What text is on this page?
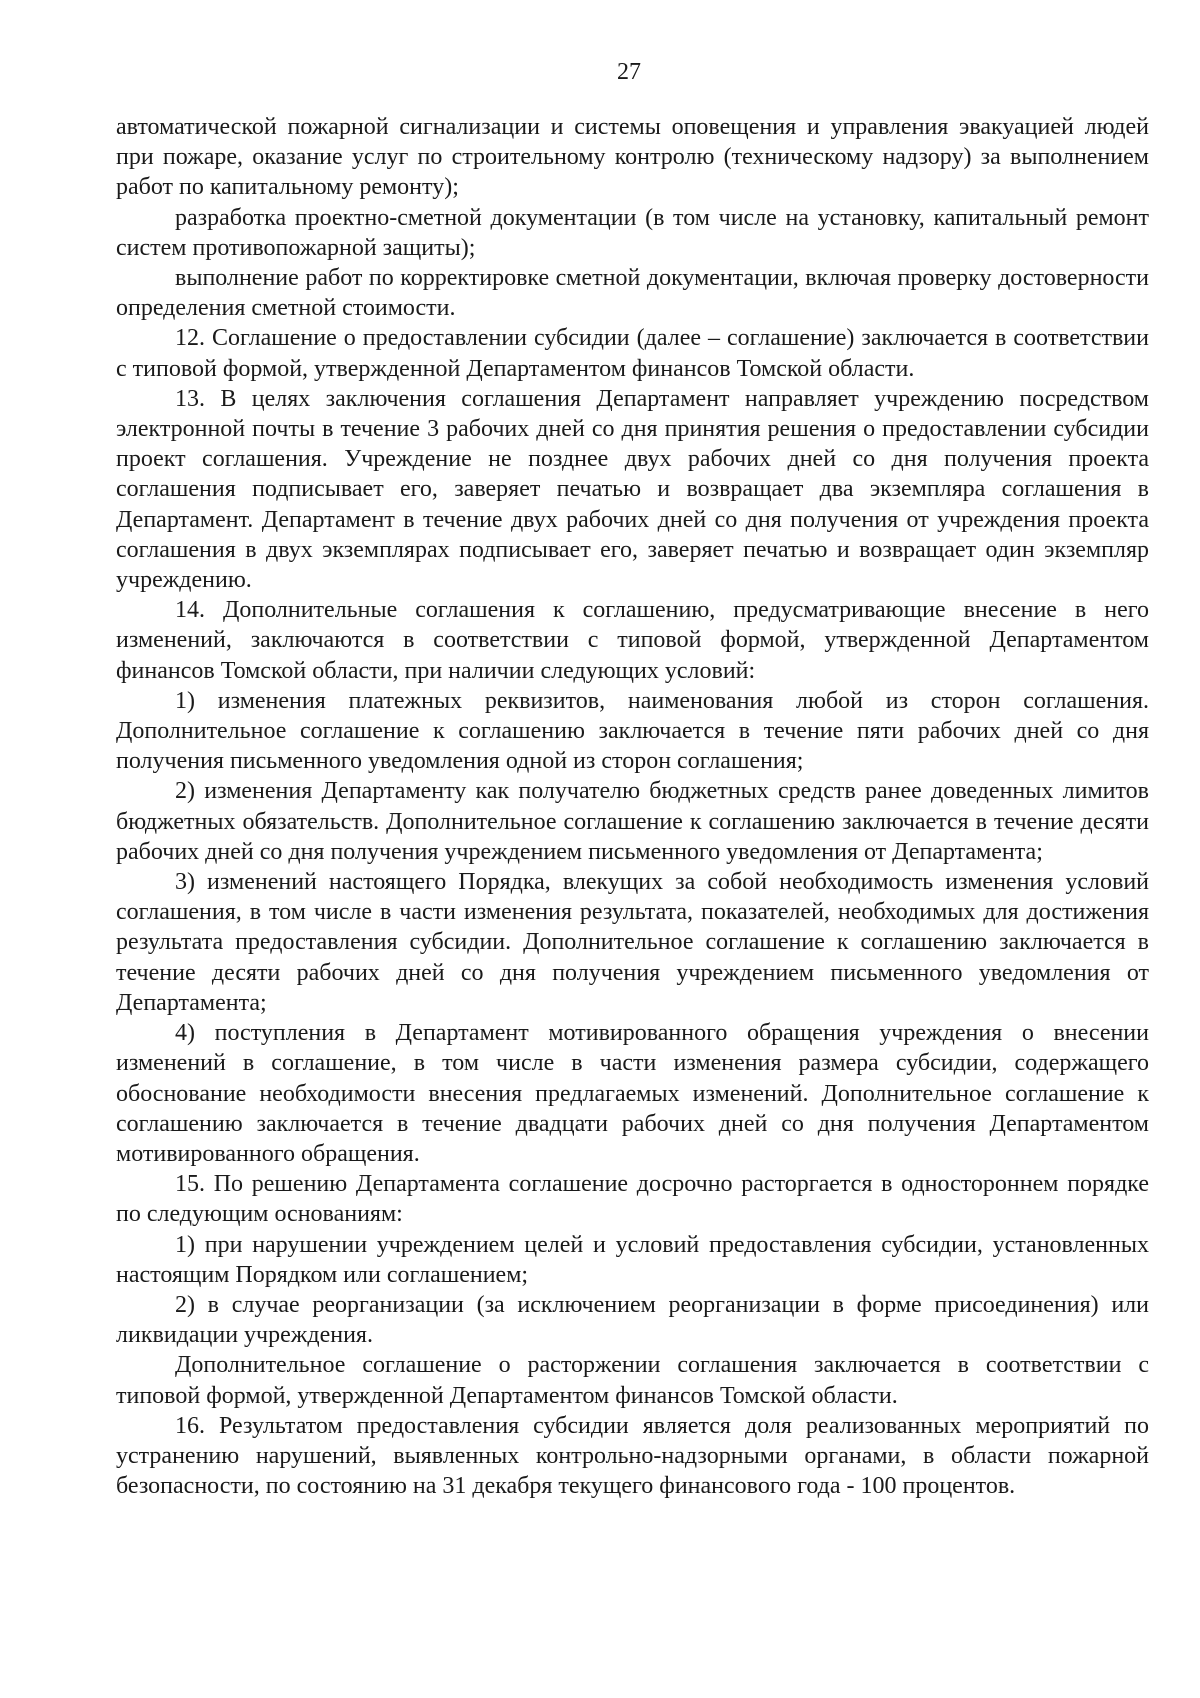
27

автоматической пожарной сигнализации и системы оповещения и управления эвакуацией людей при пожаре, оказание услуг по строительному контролю (техническому надзору) за выполнением работ по капитальному ремонту);

разработка проектно-сметной документации (в том числе на установку, капитальный ремонт систем противопожарной защиты);

выполнение работ по корректировке сметной документации, включая проверку достоверности определения сметной стоимости.

12. Соглашение о предоставлении субсидии (далее – соглашение) заключается в соответствии с типовой формой, утвержденной Департаментом финансов Томской области.

13. В целях заключения соглашения Департамент направляет учреждению посредством электронной почты в течение 3 рабочих дней со дня принятия решения о предоставлении субсидии проект соглашения. Учреждение не позднее двух рабочих дней со дня получения проекта соглашения подписывает его, заверяет печатью и возвращает два экземпляра соглашения в Департамент. Департамент в течение двух рабочих дней со дня получения от учреждения проекта соглашения в двух экземплярах подписывает его, заверяет печатью и возвращает один экземпляр учреждению.

14. Дополнительные соглашения к соглашению, предусматривающие внесение в него изменений, заключаются в соответствии с типовой формой, утвержденной Департаментом финансов Томской области, при наличии следующих условий:

1) изменения платежных реквизитов, наименования любой из сторон соглашения. Дополнительное соглашение к соглашению заключается в течение пяти рабочих дней со дня получения письменного уведомления одной из сторон соглашения;

2) изменения Департаменту как получателю бюджетных средств ранее доведенных лимитов бюджетных обязательств. Дополнительное соглашение к соглашению заключается в течение десяти рабочих дней со дня получения учреждением письменного уведомления от Департамента;

3) изменений настоящего Порядка, влекущих за собой необходимость изменения условий соглашения, в том числе в части изменения результата, показателей, необходимых для достижения результата предоставления субсидии. Дополнительное соглашение к соглашению заключается в течение десяти рабочих дней со дня получения учреждением письменного уведомления от Департамента;

4) поступления в Департамент мотивированного обращения учреждения о внесении изменений в соглашение, в том числе в части изменения размера субсидии, содержащего обоснование необходимости внесения предлагаемых изменений. Дополнительное соглашение к соглашению заключается в течение двадцати рабочих дней со дня получения Департаментом мотивированного обращения.

15. По решению Департамента соглашение досрочно расторгается в одностороннем порядке по следующим основаниям:

1) при нарушении учреждением целей и условий предоставления субсидии, установленных настоящим Порядком или соглашением;

2) в случае реорганизации (за исключением реорганизации в форме присоединения) или ликвидации учреждения.

Дополнительное соглашение о расторжении соглашения заключается в соответствии с типовой формой, утвержденной Департаментом финансов Томской области.

16. Результатом предоставления субсидии является доля реализованных мероприятий по устранению нарушений, выявленных контрольно-надзорными органами, в области пожарной безопасности, по состоянию на 31 декабря текущего финансового года - 100 процентов.
